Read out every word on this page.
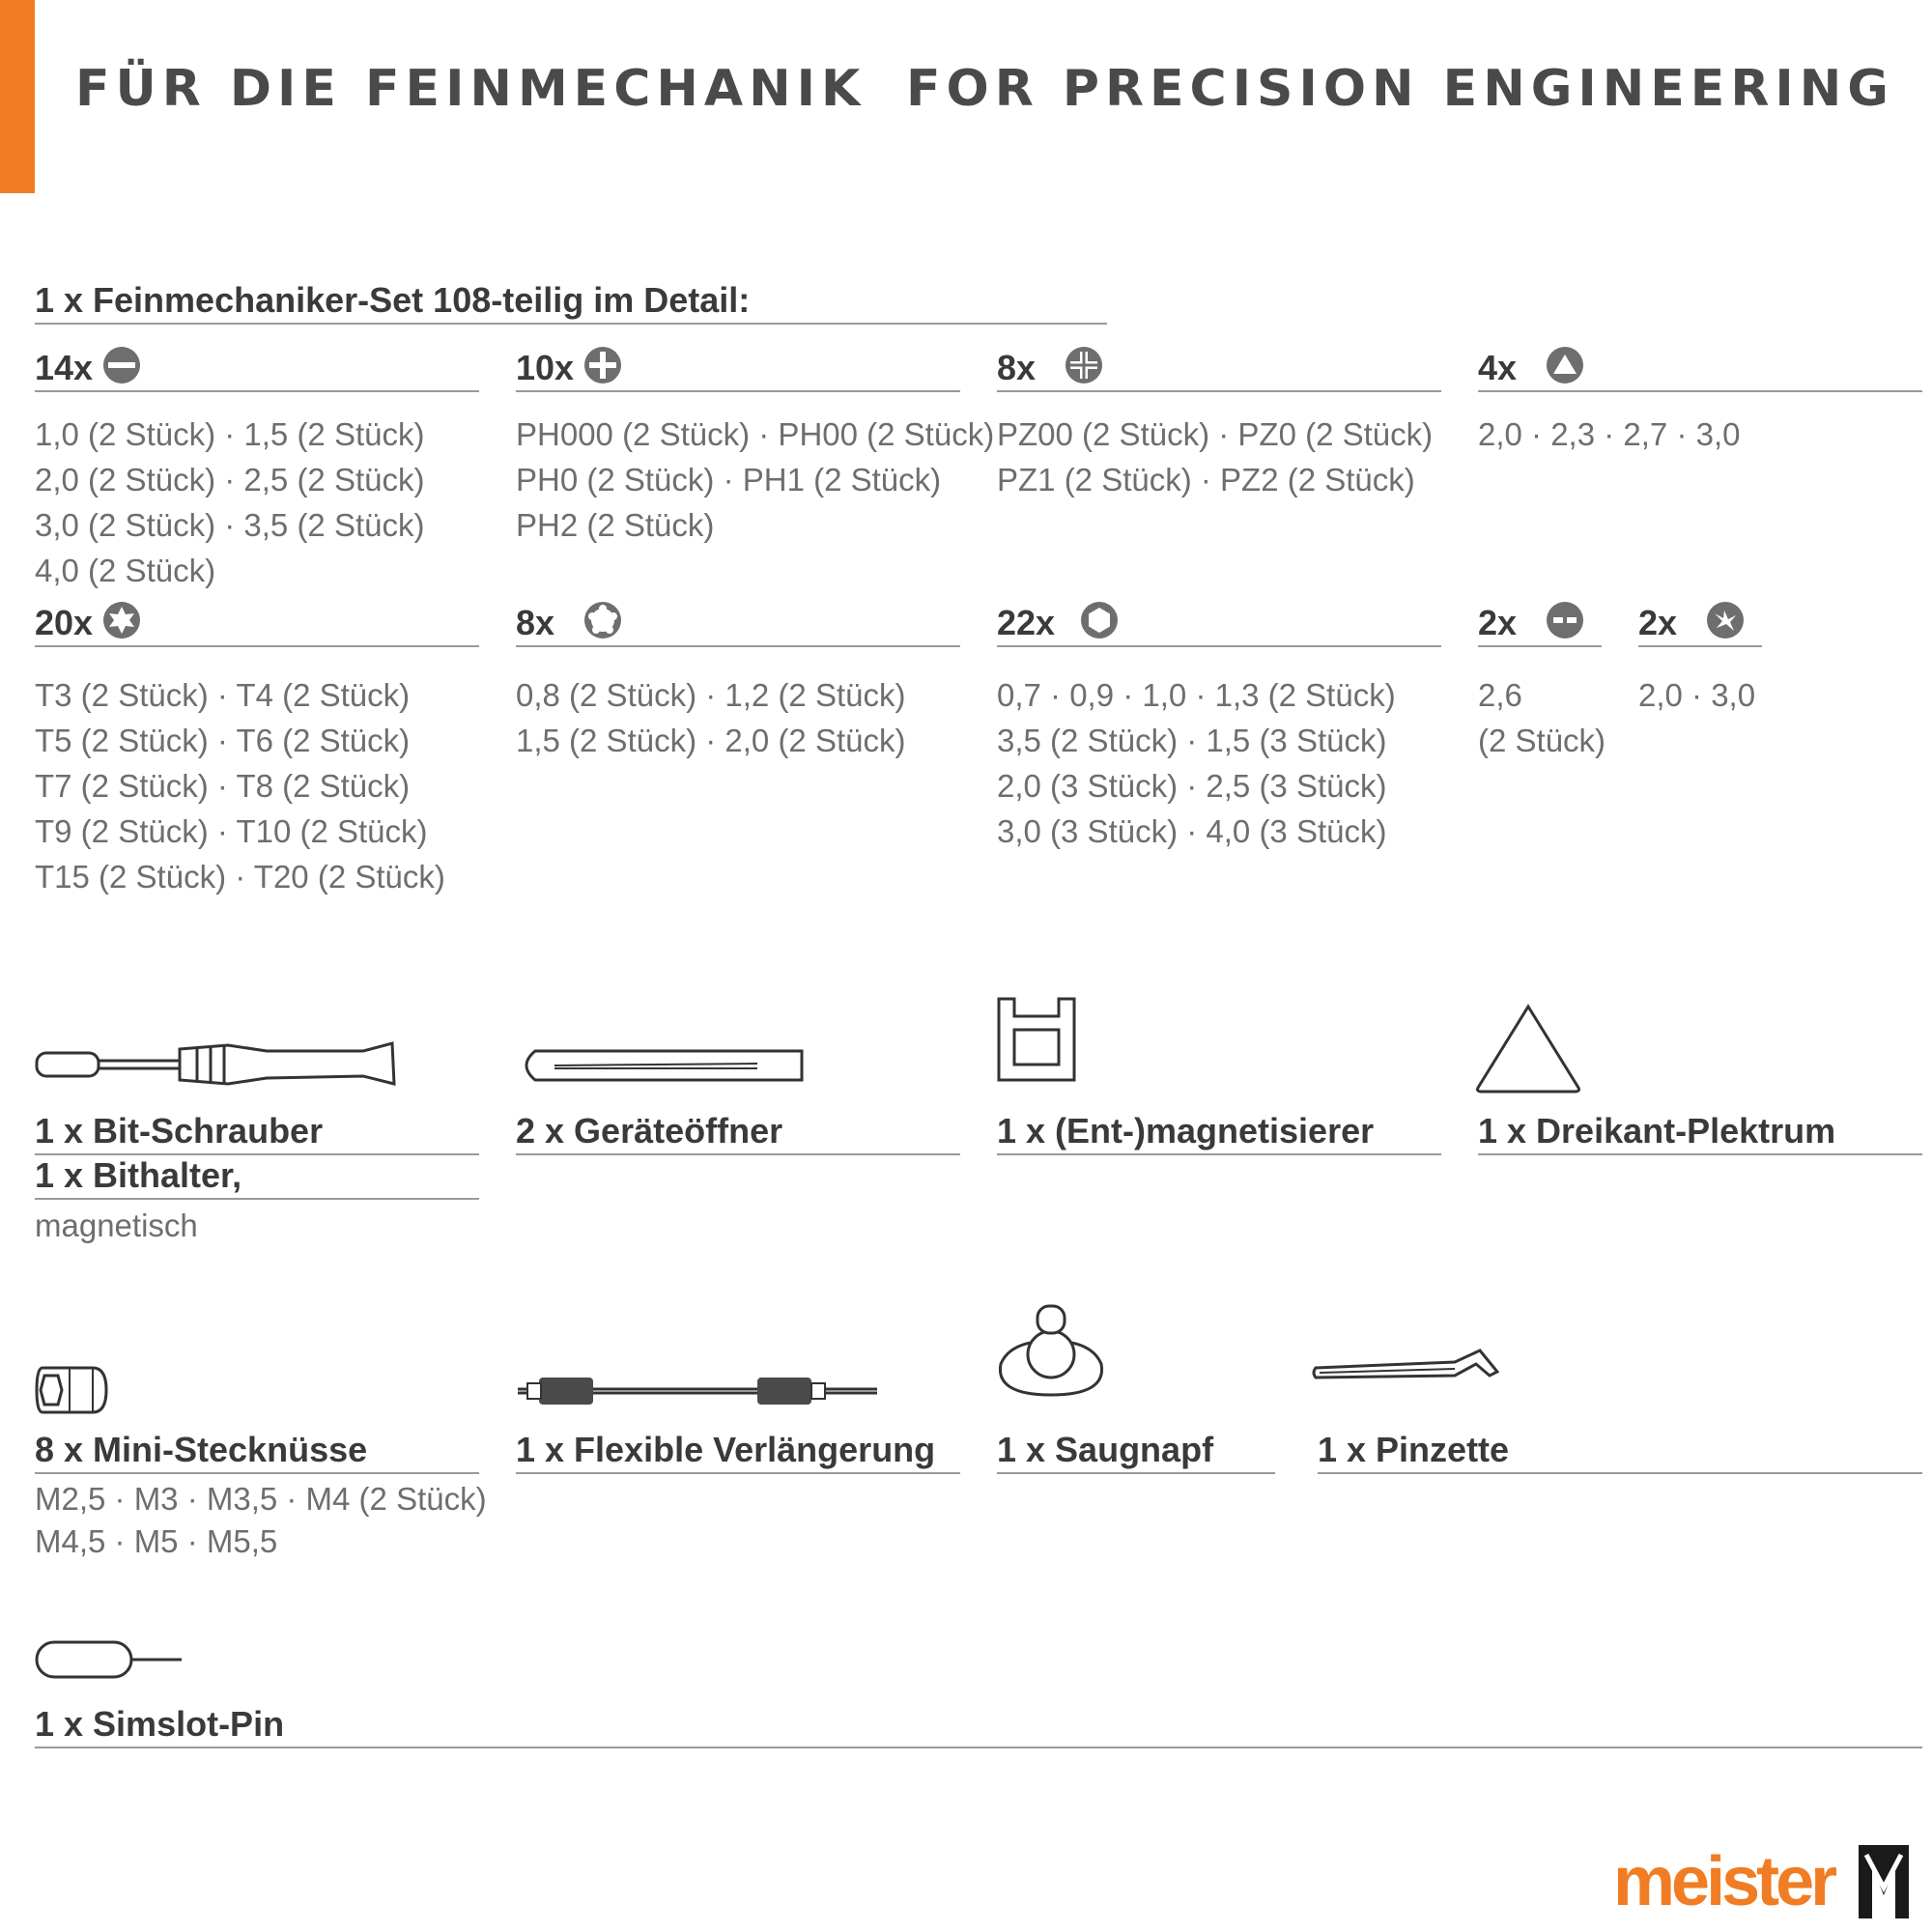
FÜR DIE FEINMECHANIK FOR PRECISION ENGINEERING
1 x Feinmechaniker-Set 108-teilig im Detail:
14x
1,0 (2 Stück) · 1,5 (2 Stück)
2,0 (2 Stück) · 2,5 (2 Stück)
3,0 (2 Stück) · 3,5 (2 Stück)
4,0 (2 Stück)
10x
PH000 (2 Stück) · PH00 (2 Stück)
PH0 (2 Stück) · PH1 (2 Stück)
PH2 (2 Stück)
8x
PZ00 (2 Stück) · PZ0 (2 Stück)
PZ1 (2 Stück) · PZ2 (2 Stück)
4x
2,0 · 2,3 · 2,7 · 3,0
20x
T3 (2 Stück) · T4 (2 Stück)
T5 (2 Stück) · T6 (2 Stück)
T7 (2 Stück) · T8 (2 Stück)
T9 (2 Stück) · T10 (2 Stück)
T15 (2 Stück) · T20 (2 Stück)
8x
0,8 (2 Stück) · 1,2 (2 Stück)
1,5 (2 Stück) · 2,0 (2 Stück)
22x
0,7 · 0,9 · 1,0 · 1,3 (2 Stück)
3,5 (2 Stück) · 1,5 (3 Stück)
2,0 (3 Stück) · 2,5 (3 Stück)
3,0 (3 Stück) · 4,0 (3 Stück)
2x
2,6
(2 Stück)
2x
2,0 · 3,0
1 x Bit-Schrauber
1 x Bithalter,
magnetisch
2 x Geräteöffner	1 x (Ent-)magnetisierer	1 x Dreikant-Plektrum
8 x Mini-Stecknüsse
M2,5 · M3 · M3,5 · M4 (2 Stück)
M4,5 · M5 · M5,5
1 x Flexible Verlängerung	1 x Saugnapf	1 x Pinzette
1 x Simslot-Pin
meister
